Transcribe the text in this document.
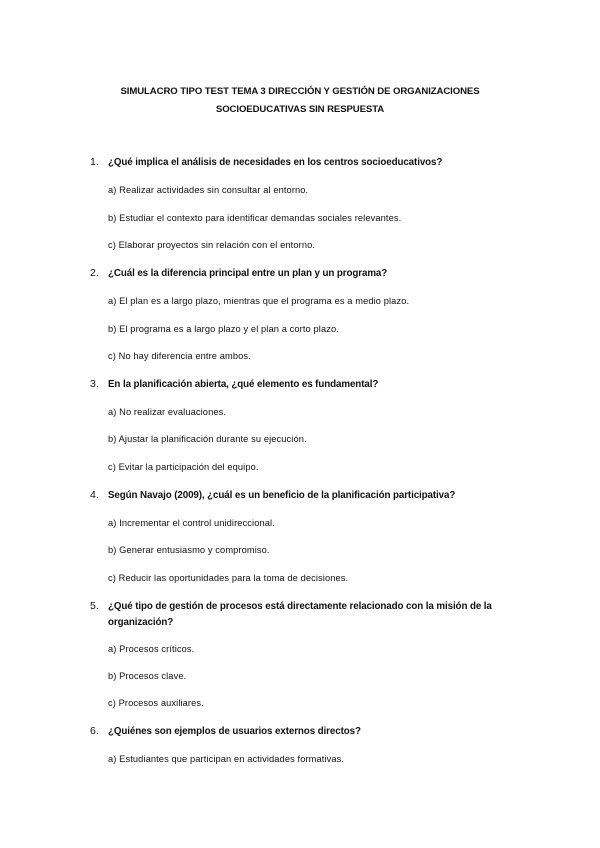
SIMULACRO TIPO TEST TEMA 3 DIRECCIÓN Y GESTIÓN DE ORGANIZACIONES
SOCIOEDUCATIVAS SIN RESPUESTA
1. ¿Qué implica el análisis de necesidades en los centros socioeducativos?
a) Realizar actividades sin consultar al entorno.
b) Estudiar el contexto para identificar demandas sociales relevantes.
c) Elaborar proyectos sin relación con el entorno.
2. ¿Cuál es la diferencia principal entre un plan y un programa?
a) El plan es a largo plazo, mientras que el programa es a medio plazo.
b) El programa es a largo plazo y el plan a corto plazo.
c) No hay diferencia entre ambos.
3. En la planificación abierta, ¿qué elemento es fundamental?
a) No realizar evaluaciones.
b) Ajustar la planificación durante su ejecución.
c) Evitar la participación del equipo.
4. Según Navajo (2009), ¿cuál es un beneficio de la planificación participativa?
a) Incrementar el control unidireccional.
b) Generar entusiasmo y compromiso.
c) Reducir las oportunidades para la toma de decisiones.
5. ¿Qué tipo de gestión de procesos está directamente relacionado con la misión de la
organización?
a) Procesos críticos.
b) Procesos clave.
c) Procesos auxiliares.
6. ¿Quiénes son ejemplos de usuarios externos directos?
a) Estudiantes que participan en actividades formativas.
